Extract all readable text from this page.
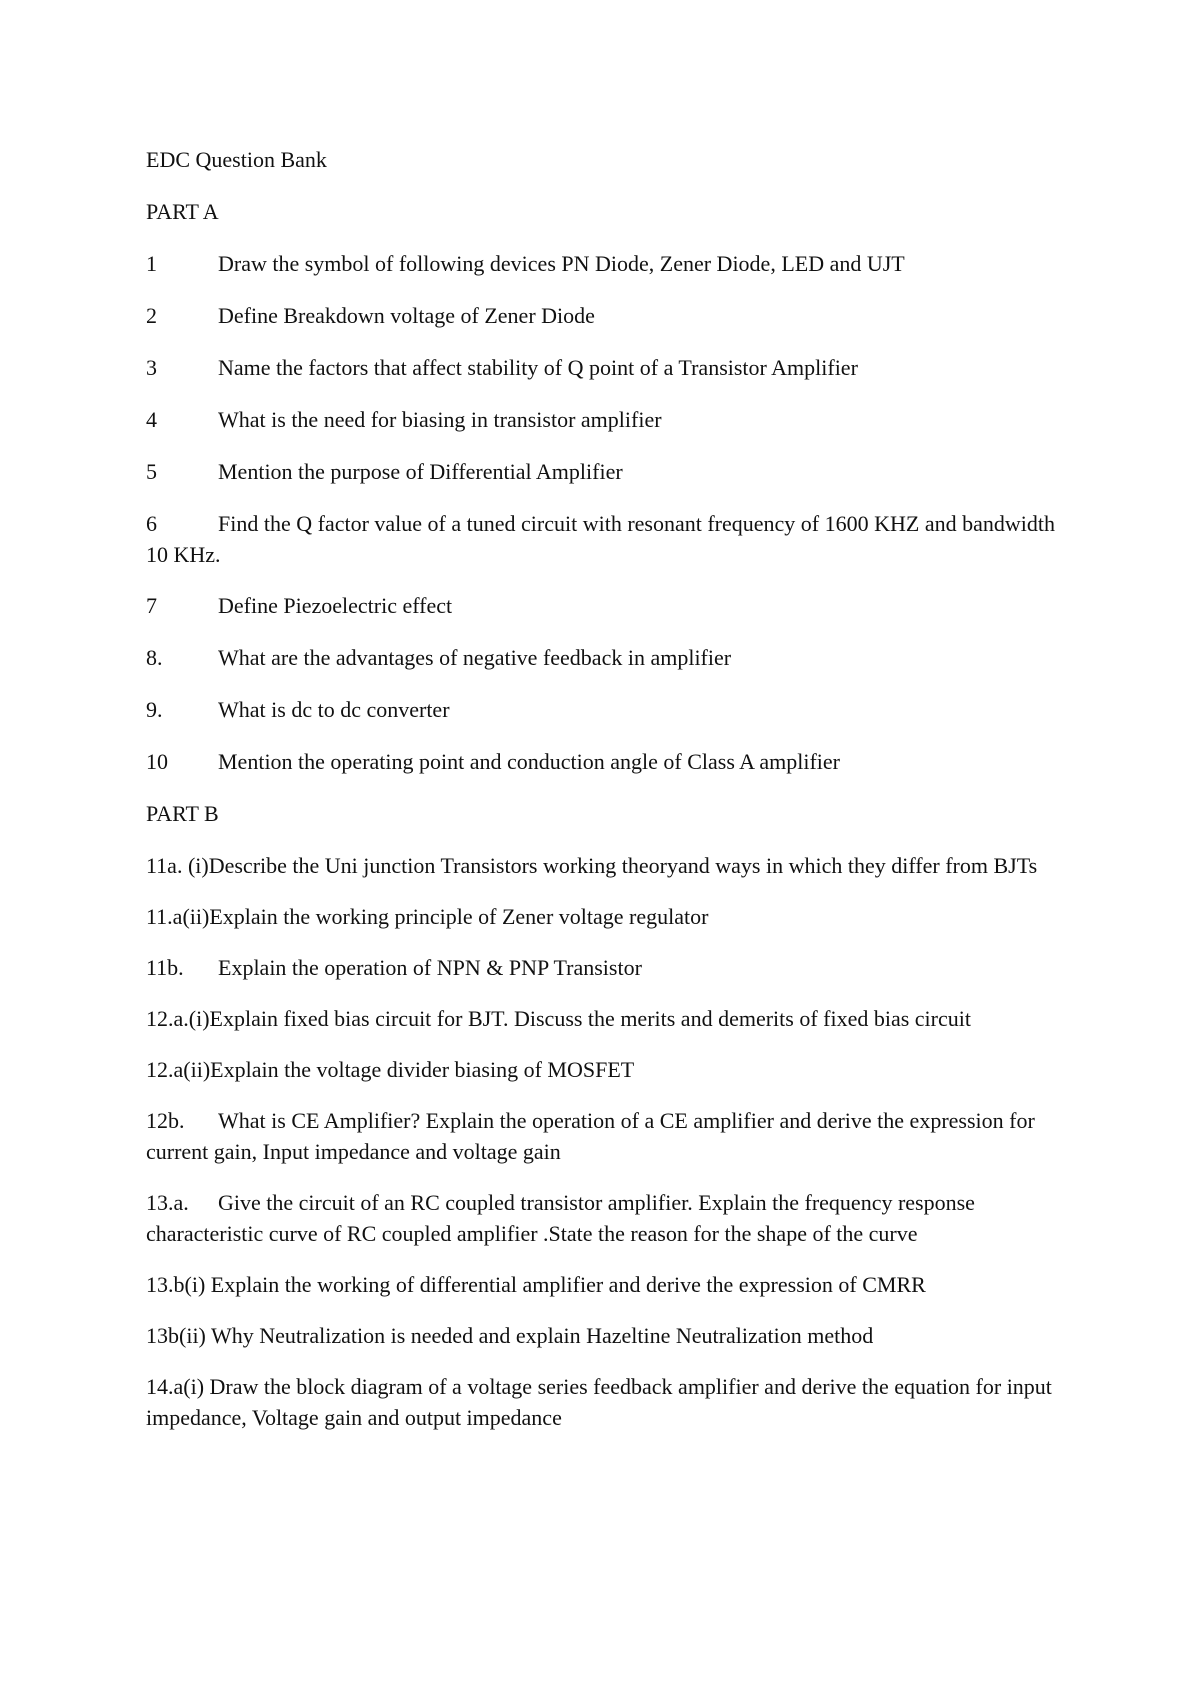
EDC Question Bank
PART A
1	Draw the symbol of following devices PN Diode, Zener Diode, LED and UJT
2	Define Breakdown voltage of Zener Diode
3	Name the factors that affect stability of Q point of a Transistor Amplifier
4	What is the need for biasing in transistor amplifier
5	Mention the purpose of Differential Amplifier
6	Find the Q factor value of a tuned circuit with resonant frequency of 1600 KHZ and bandwidth 10 KHz.
7	Define Piezoelectric effect
8.	What are the advantages of negative feedback in amplifier
9.	What is dc to dc converter
10	Mention the operating point and conduction angle of Class A amplifier
PART B
11a. (i)Describe the Uni junction Transistors working theoryand ways in which they differ from BJTs
11.a(ii)Explain the working principle of Zener voltage regulator
11b. Explain the operation of NPN & PNP Transistor
12.a.(i)Explain fixed bias circuit for BJT. Discuss the merits and demerits of fixed bias circuit
12.a(ii)Explain the voltage divider biasing of MOSFET
12b. What is CE Amplifier? Explain the operation of a CE amplifier and derive the expression for current gain, Input impedance and voltage gain
13.a. Give the circuit of an RC coupled transistor amplifier. Explain the frequency response characteristic curve of RC coupled amplifier .State the reason for the shape of the curve
13.b(i) Explain the working of differential amplifier and derive the expression of CMRR
13b(ii) Why Neutralization is needed and explain Hazeltine Neutralization method
14.a(i) Draw the block diagram of a voltage series feedback amplifier and derive the equation for input impedance, Voltage gain and output impedance
